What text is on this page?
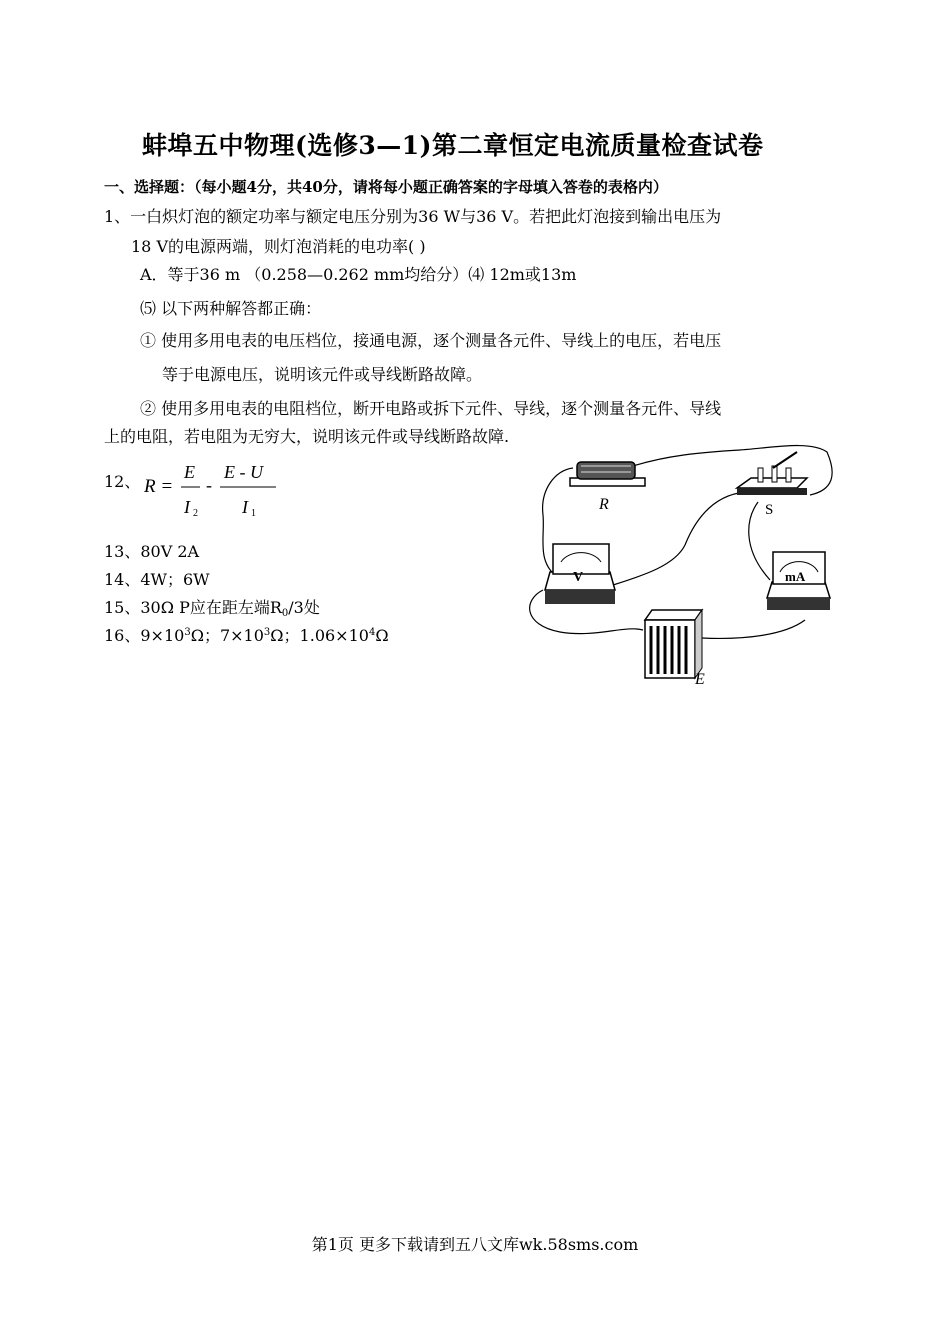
蚌埠五中物理(选修3—1)第二章恒定电流质量检查试卷
一、选择题：（每小题4分，共40分，请将每小题正确答案的字母填入答卷的表格内）
1、一白炽灯泡的额定功率与额定电压分别为36 W与36 V。若把此灯泡接到输出电压为
18 V的电源两端，则灯泡消耗的电功率( )
A．等于36 m （0.258—0.262 mm均给分）⑷ 12m或13m
⑸ 以下两种解答都正确：
① 使用多用电表的电压档位，接通电源，逐个测量各元件、导线上的电压，若电压
等于电源电压，说明该元件或导线断路故障。
② 使用多用电表的电阻档位，断开电路或拆下元件、导线，逐个测量各元件、导线
上的电阻，若电阻为无穷大，说明该元件或导线断路故障.
12、 R =
E
I 2
-
E - U
I 1
13、80V 2A
14、4W；6W
15、30Ω P应在距左端$R_0/3$处
16、$9\times 10^3\Omega$；$7\times 10^3\Omega$；$1.06\times 10^4\Omega$
R	S
V	mA
E
第1页 更多下载请到五八文库wk.58sms.com
